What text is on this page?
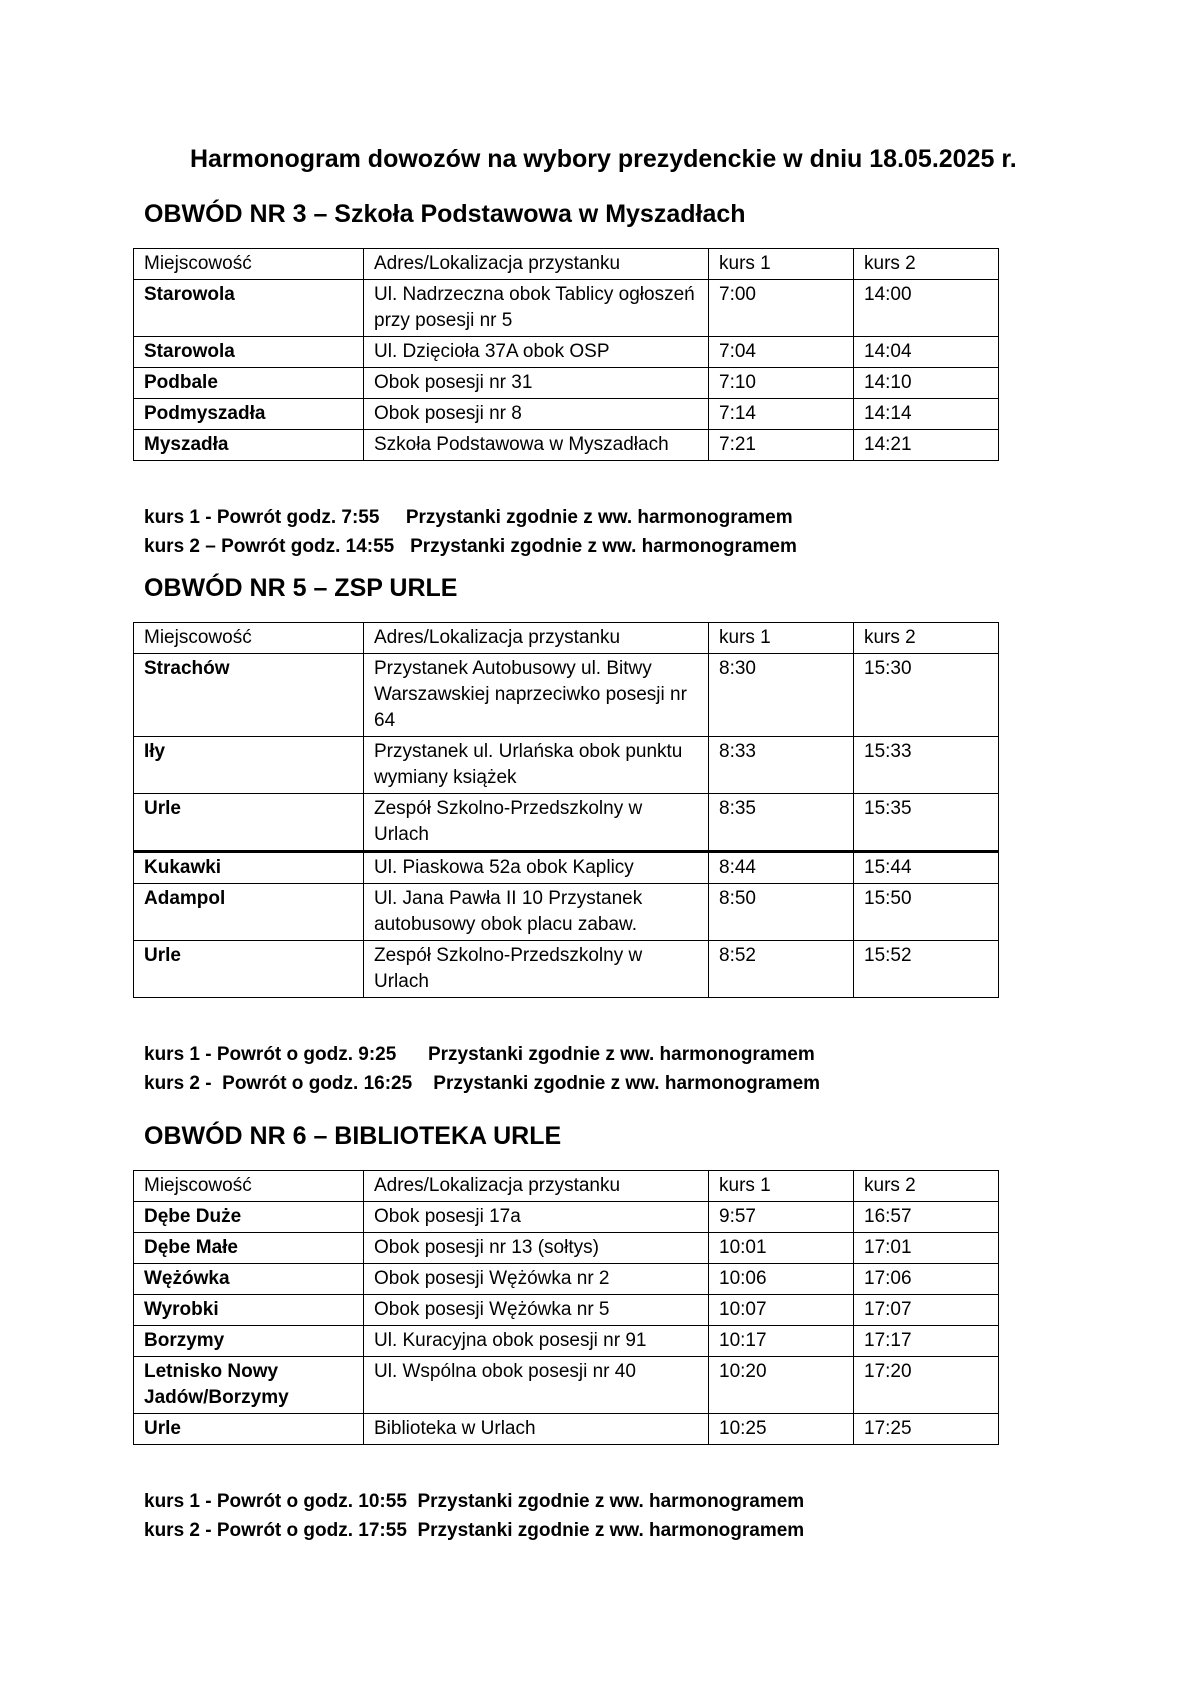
Harmonogram dowozów na wybory prezydenckie w dniu 18.05.2025 r.
OBWÓD NR 3 – Szkoła Podstawowa w Myszadłach
Miejscowość	Adres/Lokalizacja przystanku	kurs 1	kurs 2
Starowola	Ul. Nadrzeczna obok Tablicy ogłoszeń przy posesji nr 5	7:00	14:00
Starowola	Ul. Dzięcioła 37A obok OSP	7:04	14:04
Podbale	Obok posesji nr 31	7:10	14:10
Podmyszadła	Obok posesji nr 8	7:14	14:14
Myszadła	Szkoła Podstawowa w Myszadłach	7:21	14:21
kurs 1 - Powrót godz. 7:55     Przystanki zgodnie z ww. harmonogramem
kurs 2 – Powrót godz. 14:55   Przystanki zgodnie z ww. harmonogramem
OBWÓD NR 5 – ZSP URLE
Miejscowość	Adres/Lokalizacja przystanku	kurs 1	kurs 2
Strachów	Przystanek Autobusowy ul. Bitwy Warszawskiej naprzeciwko posesji nr 64	8:30	15:30
Iły	Przystanek ul. Urlańska obok punktu wymiany książek	8:33	15:33
Urle	Zespół Szkolno-Przedszkolny w Urlach	8:35	15:35
Kukawki	Ul. Piaskowa 52a obok Kaplicy	8:44	15:44
Adampol	Ul. Jana Pawła II 10 Przystanek autobusowy obok placu zabaw.	8:50	15:50
Urle	Zespół Szkolno-Przedszkolny w Urlach	8:52	15:52
kurs 1 - Powrót o godz. 9:25      Przystanki zgodnie z ww. harmonogramem
kurs 2 -  Powrót o godz. 16:25    Przystanki zgodnie z ww. harmonogramem
OBWÓD NR 6 – BIBLIOTEKA URLE
Miejscowość	Adres/Lokalizacja przystanku	kurs 1	kurs 2
Dębe Duże	Obok posesji 17a	9:57	16:57
Dębe Małe	Obok posesji nr 13 (sołtys)	10:01	17:01
Wężówka	Obok posesji Wężówka nr 2	10:06	17:06
Wyrobki	Obok posesji Wężówka nr 5	10:07	17:07
Borzymy	Ul. Kuracyjna obok posesji nr 91	10:17	17:17
Letnisko Nowy Jadów/Borzymy	Ul. Wspólna obok posesji nr 40	10:20	17:20
Urle	Biblioteka w Urlach	10:25	17:25
kurs 1 - Powrót o godz. 10:55  Przystanki zgodnie z ww. harmonogramem
kurs 2 - Powrót o godz. 17:55  Przystanki zgodnie z ww. harmonogramem
